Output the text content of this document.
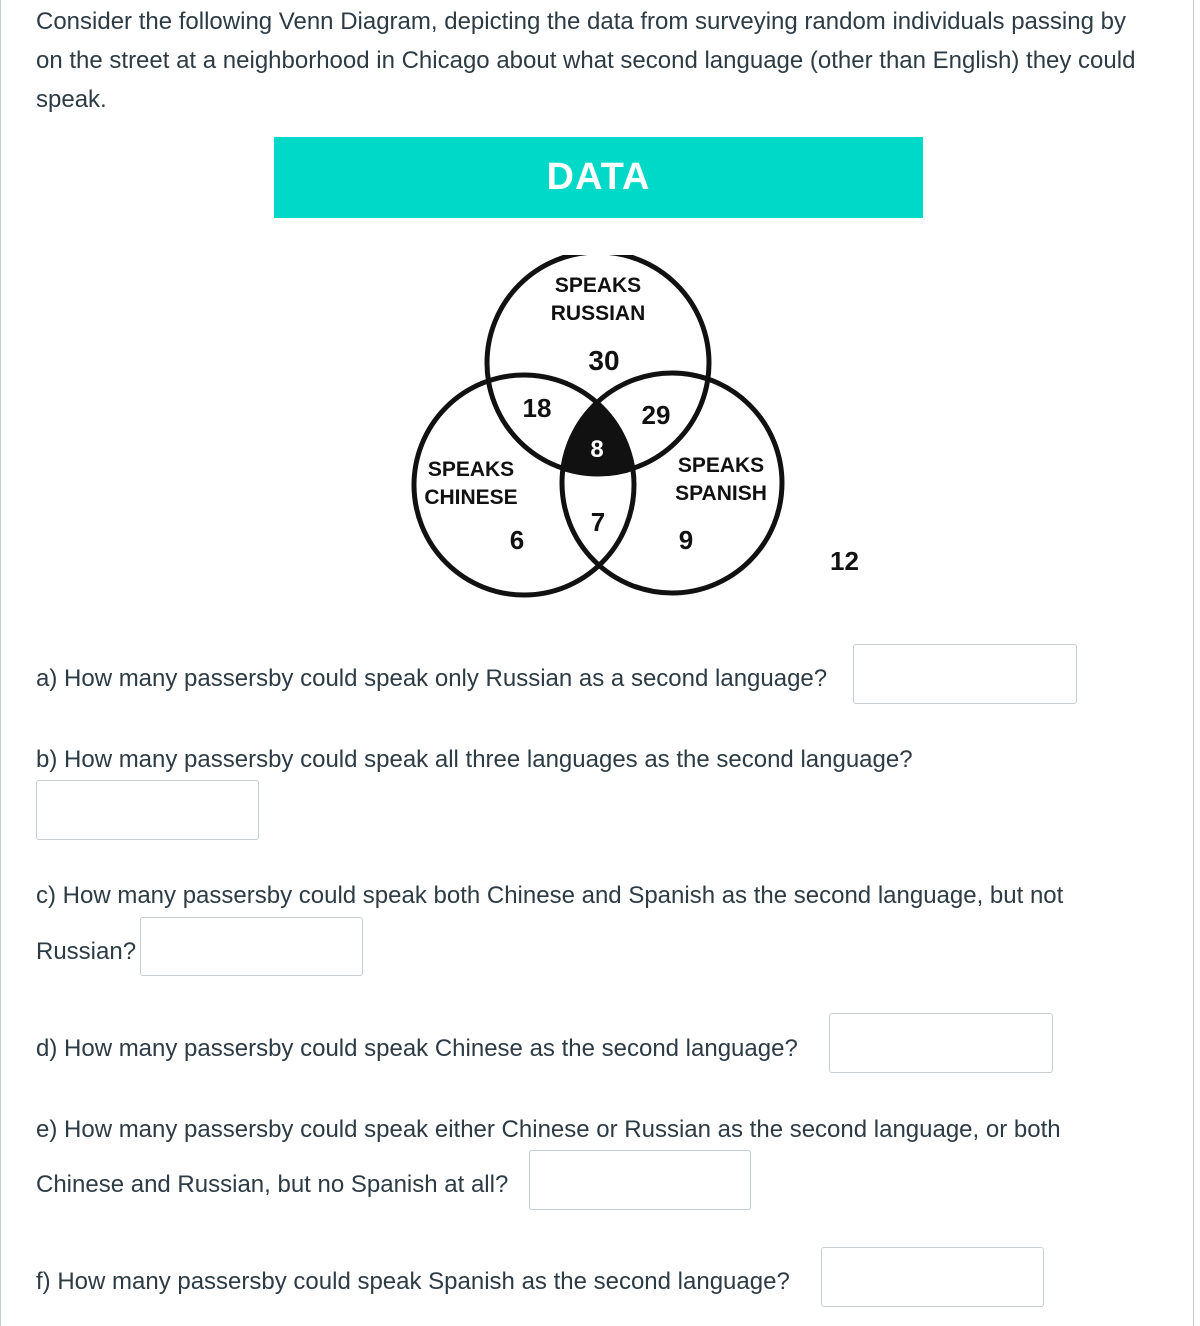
Consider the following Venn Diagram, depicting the data from surveying random individuals passing by on the street at a neighborhood in Chicago about what second language (other than English) they could speak.

DATA
SPEAKS
RUSSIAN
SPEAKS
CHINESE
SPEAKS
SPANISH
30
18	29
8
7
6	9
12

a) How many passersby could speak only Russian as a second language?

b) How many passersby could speak all three languages as the second language?

c) How many passersby could speak both Chinese and Spanish as the second language, but not

Russian?

d) How many passersby could speak Chinese as the second language?

e) How many passersby could speak either Chinese or Russian as the second language, or both

Chinese and Russian, but no Spanish at all?

f) How many passersby could speak Spanish as the second language?
